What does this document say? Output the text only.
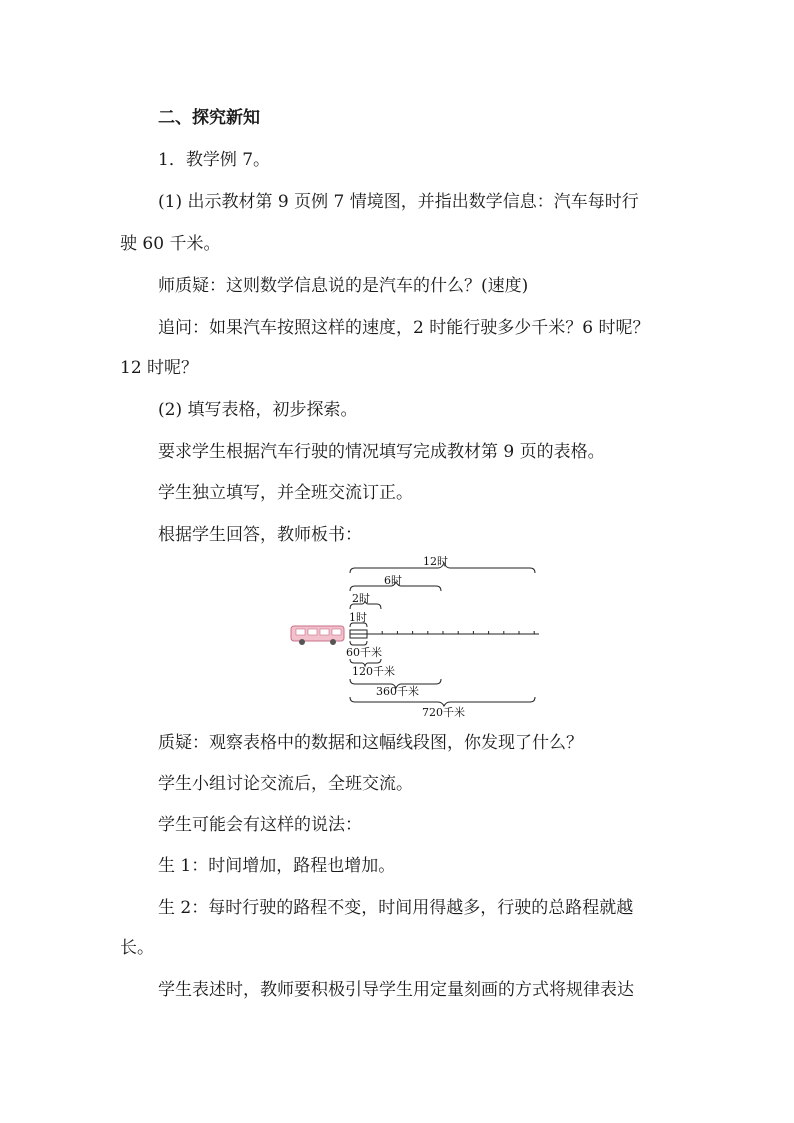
二、探究新知
1．教学例 7。
(1) 出示教材第 9 页例 7 情境图，并指出数学信息：汽车每时行
驶 60 千米。
师质疑：这则数学信息说的是汽车的什么？(速度)
追问：如果汽车按照这样的速度，2 时能行驶多少千米？6 时呢？
12 时呢？
(2) 填写表格，初步探索。
要求学生根据汽车行驶的情况填写完成教材第 9 页的表格。
学生独立填写，并全班交流订正。
根据学生回答，教师板书：
12时
6时
2时
1时
60千米
120千米
360千米
720千米
质疑：观察表格中的数据和这幅线段图，你发现了什么？
学生小组讨论交流后，全班交流。
学生可能会有这样的说法：
生 1：时间增加，路程也增加。
生 2：每时行驶的路程不变，时间用得越多，行驶的总路程就越
长。
学生表述时，教师要积极引导学生用定量刻画的方式将规律表达
